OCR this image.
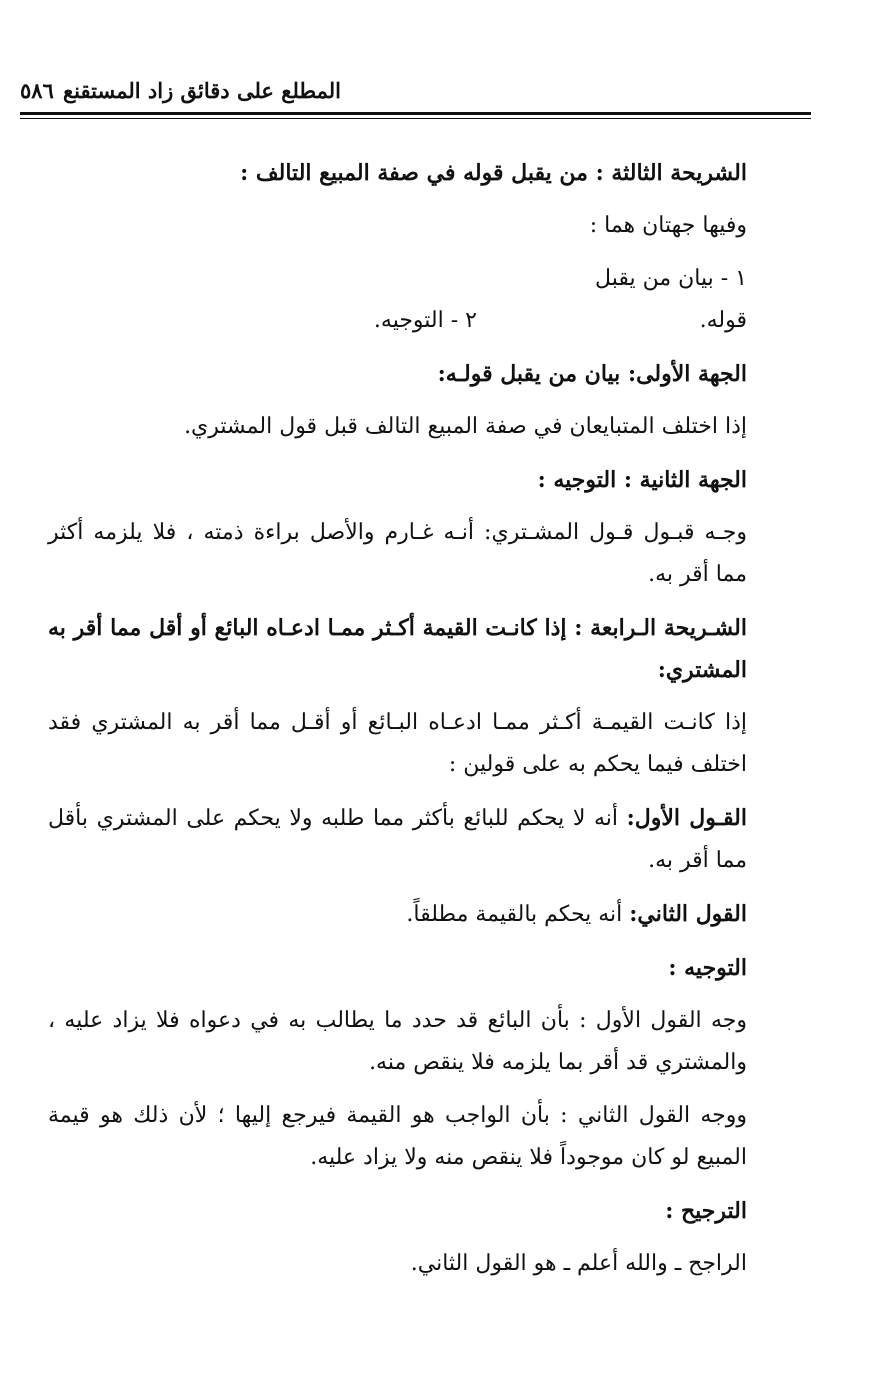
المطلع على دقائق زاد المستقنع
٥٨٦

الشريحة الثالثة : من يقبل قوله في صفة المبيع التالف :

وفيها جهتان هما :

١ - بيان من يقبل قوله.٢ - التوجيه.

الجهة الأولى: بيان من يقبل قولـه:

إذا اختلف المتبايعان في صفة المبيع التالف قبل قول المشتري.

الجهة الثانية : التوجيه :

وجـه قبـول قـول المشـتري: أنـه غـارم والأصل براءة ذمته ، فلا يلزمه أكثر مما أقر به.

الشـريحة الـرابعة : إذا كانـت القيمة أكـثر ممـا ادعـاه البائع أو أقل مما أقر به المشتري:

إذا كانـت القيمـة أكـثر ممـا ادعـاه البـائع أو أقـل مما أقر به المشتري فقد اختلف فيما يحكم به على قولين :

القـول الأول: أنه لا يحكم للبائع بأكثر مما طلبه ولا يحكم على المشتري بأقل مما أقر به.

القول الثاني: أنه يحكم بالقيمة مطلقاً.

التوجيه :

وجه القول الأول : بأن البائع قد حدد ما يطالب به في دعواه فلا يزاد عليه ، والمشتري قد أقر بما يلزمه فلا ينقص منه.

ووجه القول الثاني : بأن الواجب هو القيمة فيرجع إليها ؛ لأن ذلك هو قيمة المبيع لو كان موجوداً فلا ينقص منه ولا يزاد عليه.

الترجيح :

الراجح ـ والله أعلم ـ هو القول الثاني.
